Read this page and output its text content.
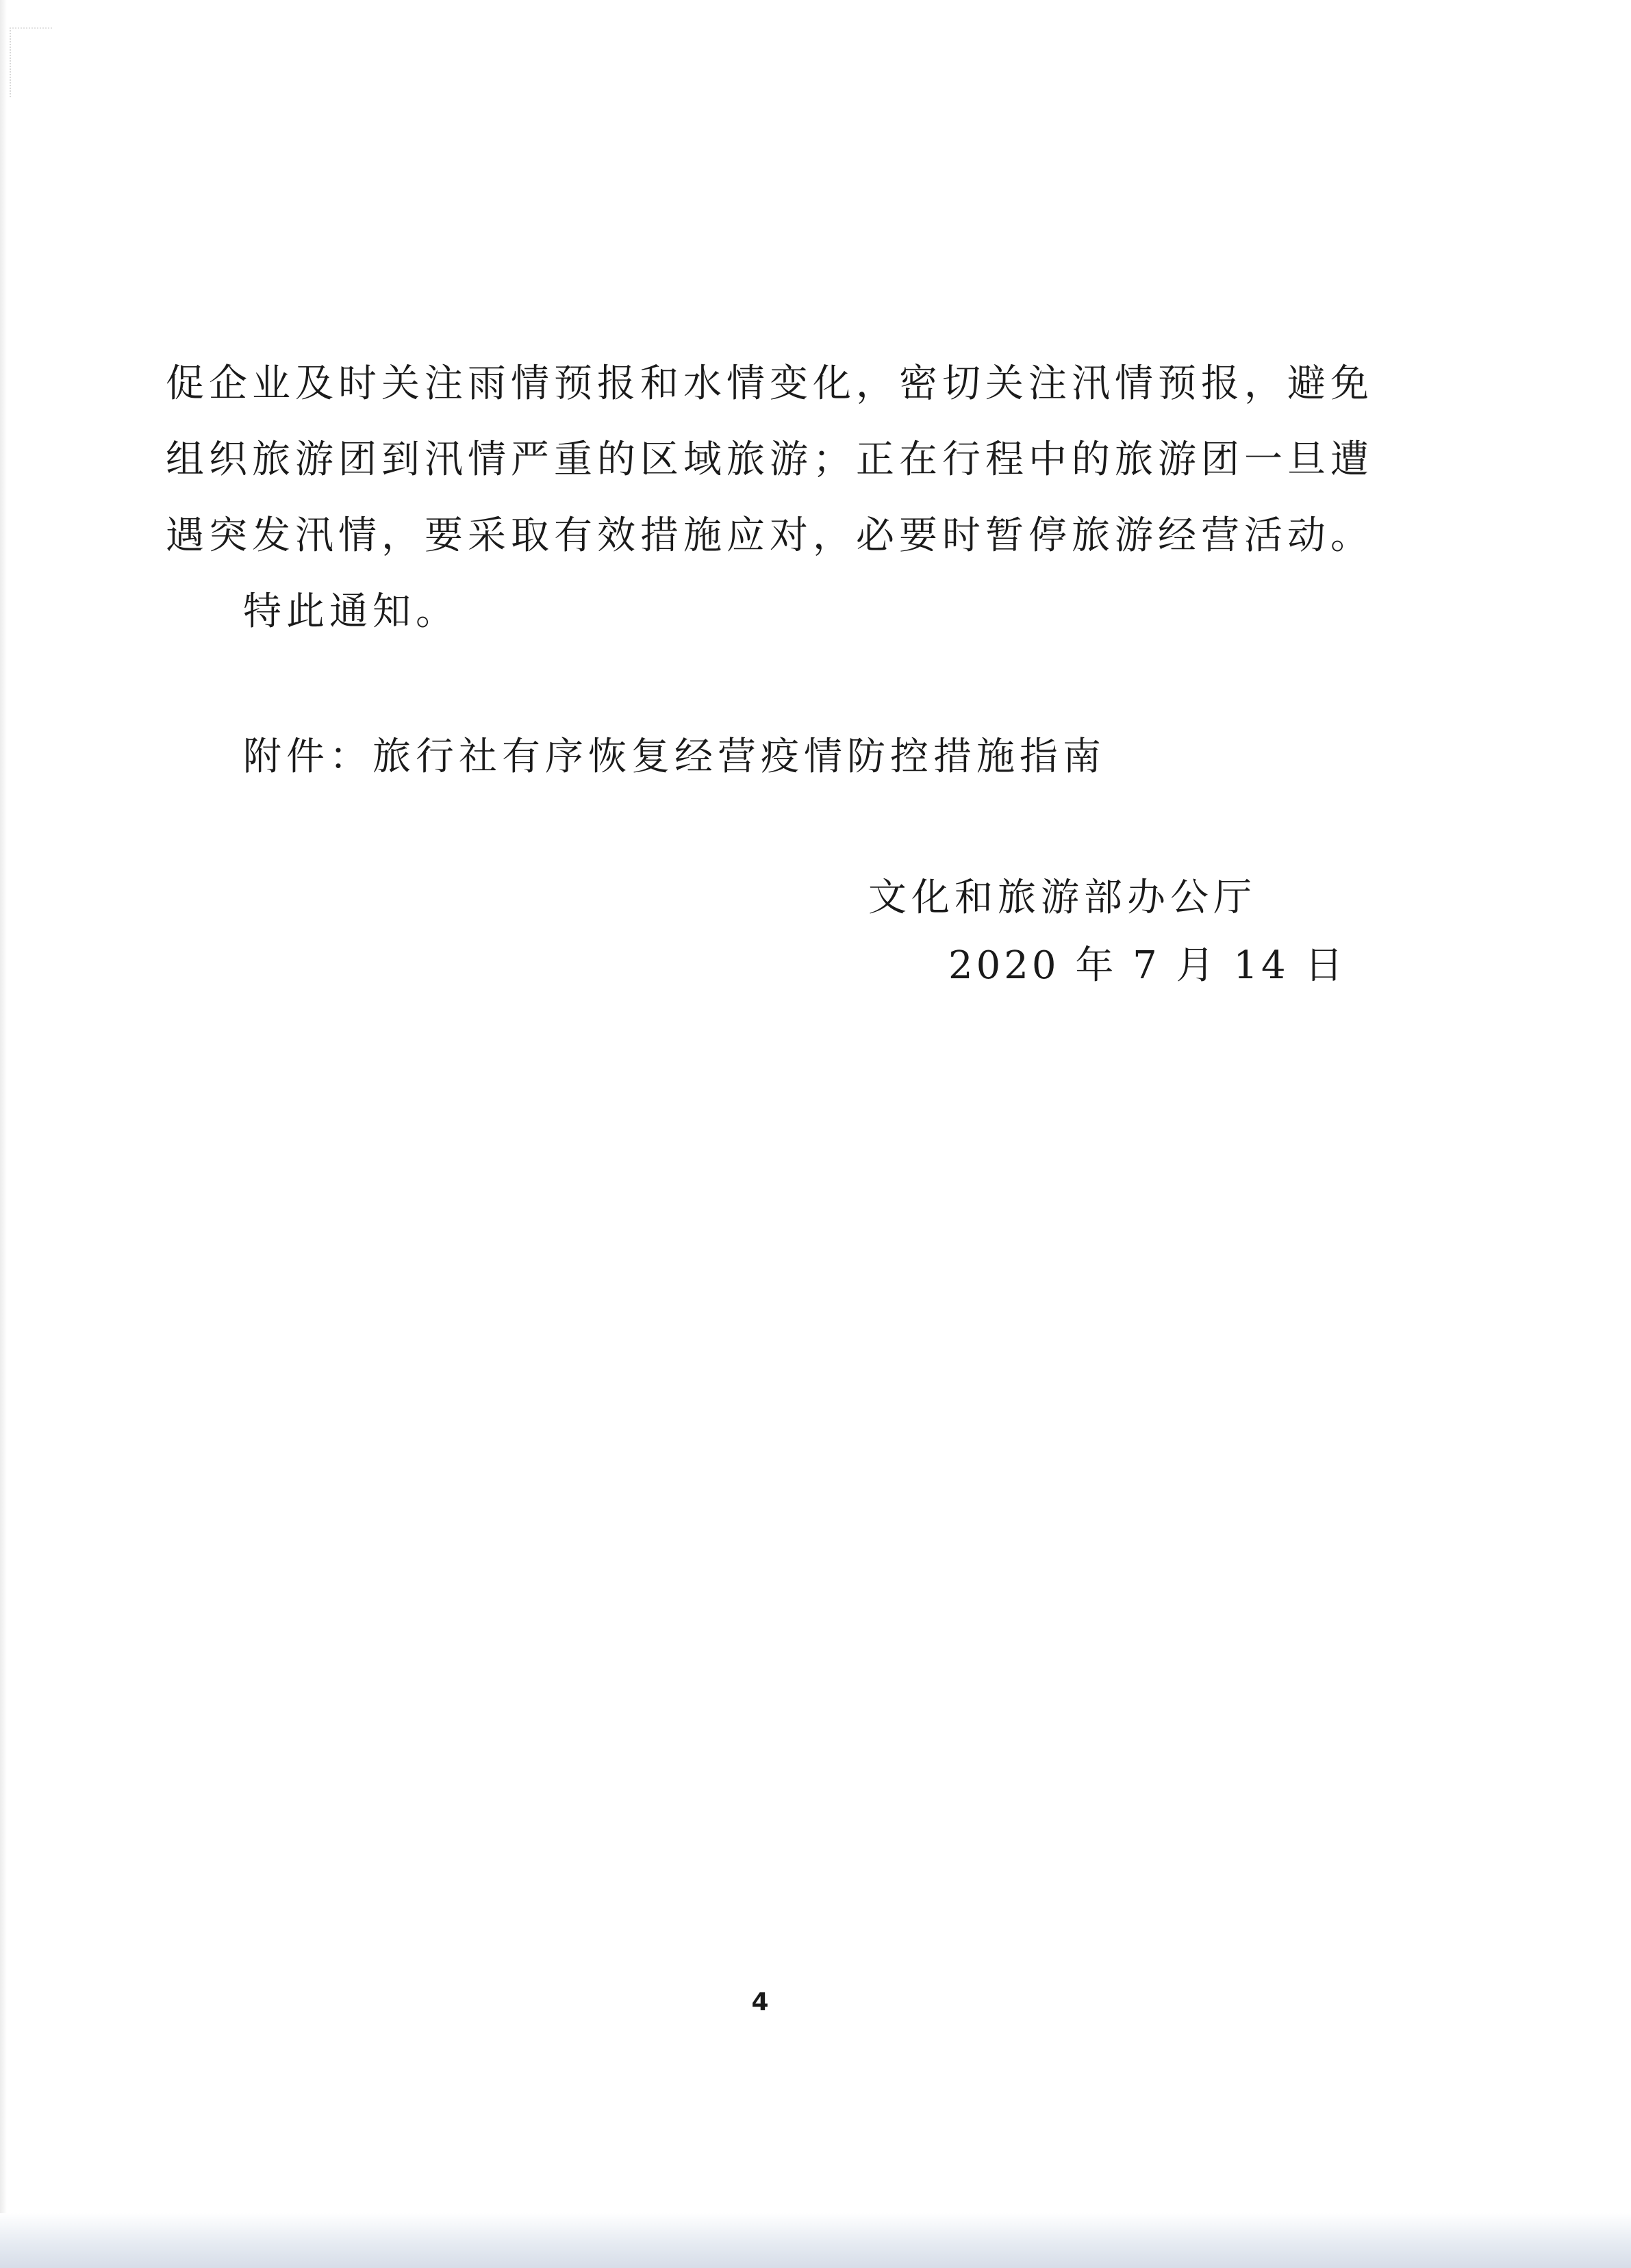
促企业及时关注雨情预报和水情变化，密切关注汛情预报，避免
组织旅游团到汛情严重的区域旅游；正在行程中的旅游团一旦遭
遇突发汛情，要采取有效措施应对，必要时暂停旅游经营活动。
特此通知。
附件：旅行社有序恢复经营疫情防控措施指南
文化和旅游部办公厅
2020 年 7 月 14 日
4
